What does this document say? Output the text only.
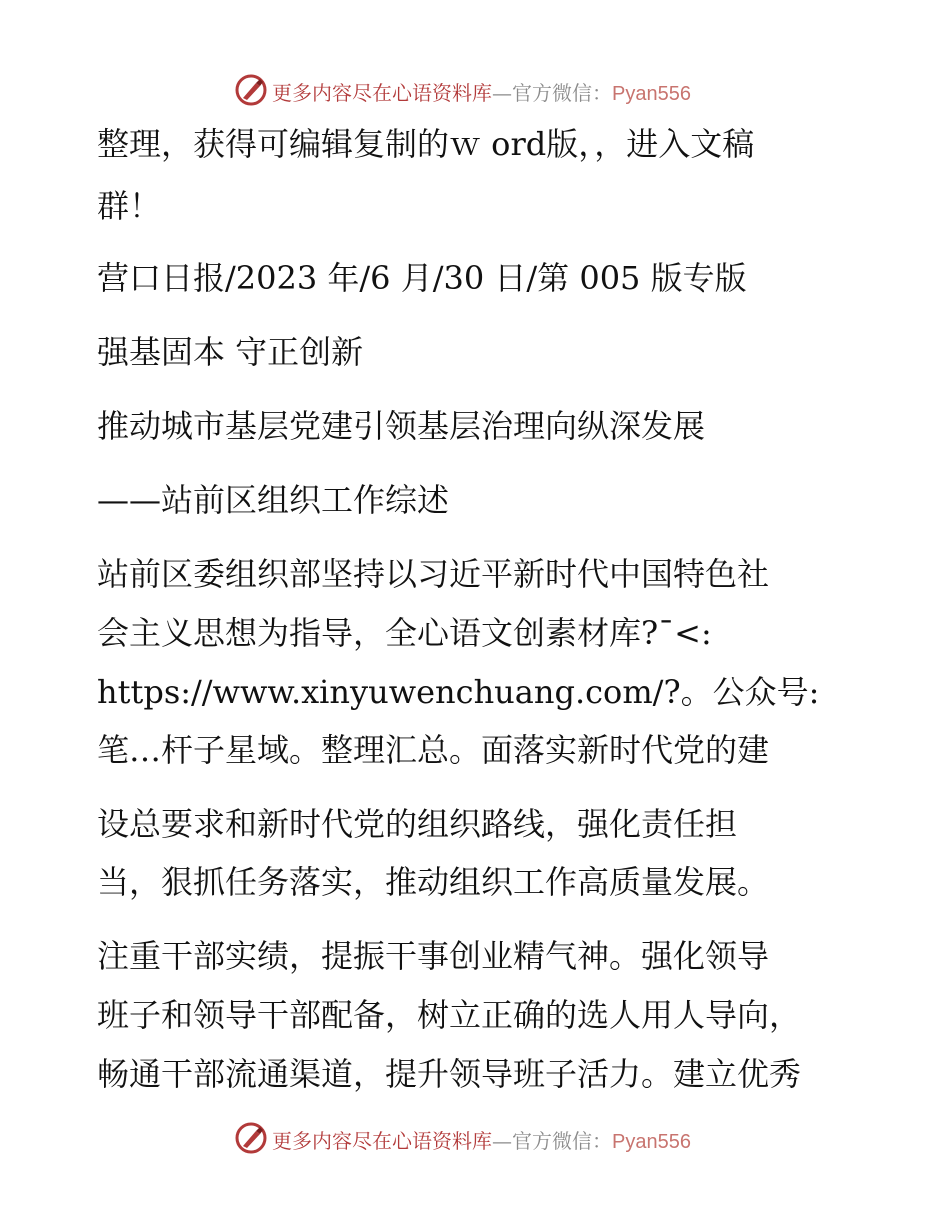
更多内容尽在心语资料库—官方微信：Pyan556
整理，获得可编辑复制的ｗ ord版，，进入文稿
群！
营口日报/2023 年/6 月/30 日/第 005 版专版
强基固本 守正创新
推动城市基层党建引领基层治理向纵深发展
——站前区组织工作综述
站前区委组织部坚持以习近平新时代中国特色社
会主义思想为指导，全心语文创素材库?¯<:
https://www.xinyuwenchuang.com/?。公众号:
笔…杆子星域。整理汇总。面落实新时代党的建
设总要求和新时代党的组织路线，强化责任担
当，狠抓任务落实，推动组织工作高质量发展。
注重干部实绩，提振干事创业精气神。强化领导
班子和领导干部配备，树立正确的选人用人导向，
畅通干部流通渠道，提升领导班子活力。建立优秀
更多内容尽在心语资料库—官方微信：Pyan556
